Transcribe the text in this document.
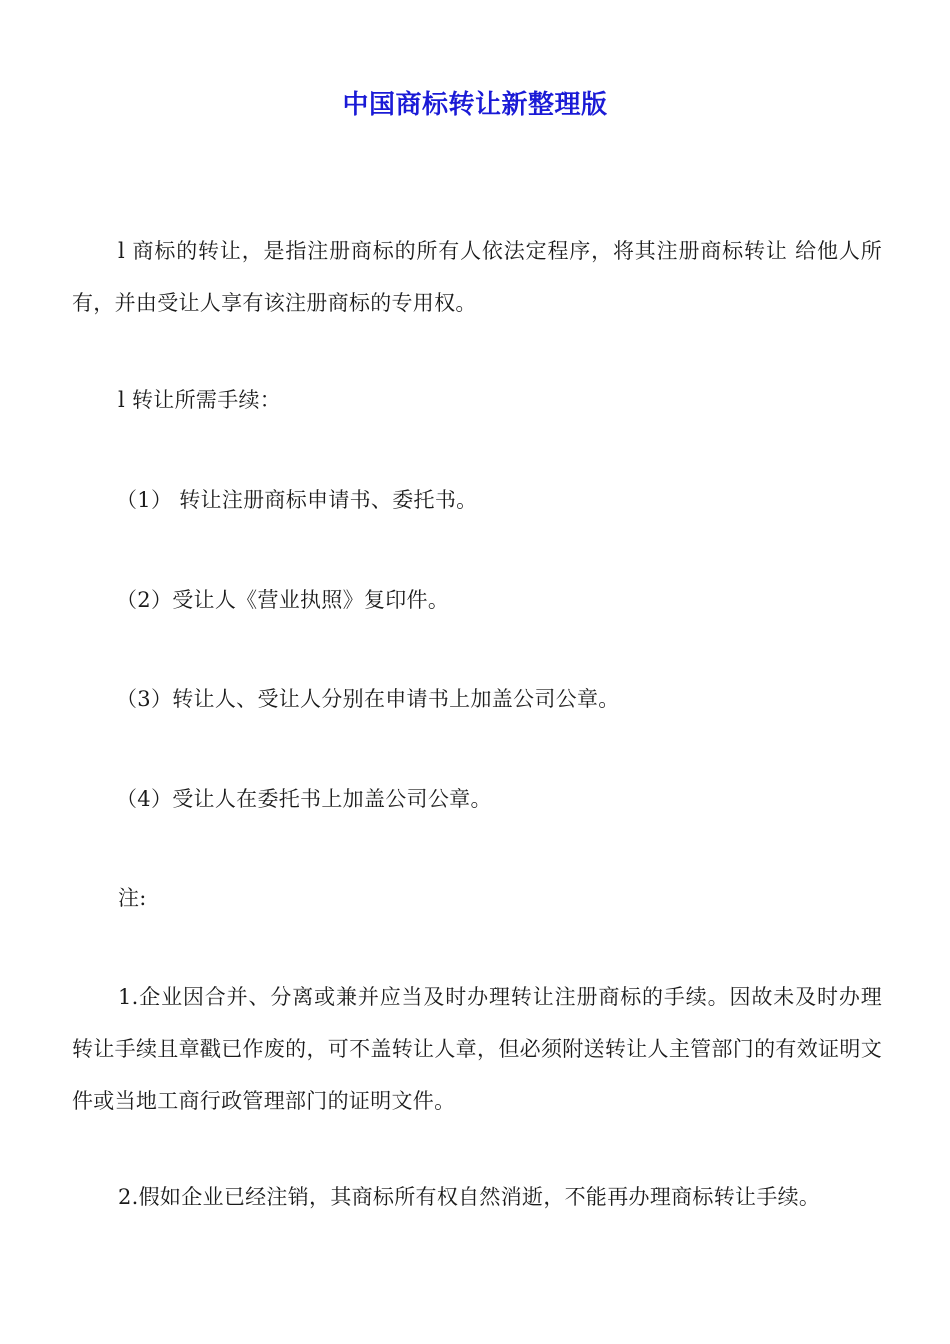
中国商标转让新整理版

l 商标的转让，是指注册商标的所有人依法定程序，将其注册商标转让 给他人所有，并由受让人享有该注册商标的专用权。

l 转让所需手续：

（1） 转让注册商标申请书、委托书。

（2）受让人《营业执照》复印件。

（3）转让人、受让人分别在申请书上加盖公司公章。

（4）受让人在委托书上加盖公司公章。

注:

1.企业因合并、分离或兼并应当及时办理转让注册商标的手续。因故未及时办理转让手续且章戳已作废的，可不盖转让人章，但必须附送转让人主管部门的有效证明文件或当地工商行政管理部门的证明文件。

2.假如企业已经注销，其商标所有权自然消逝，不能再办理商标转让手续。
